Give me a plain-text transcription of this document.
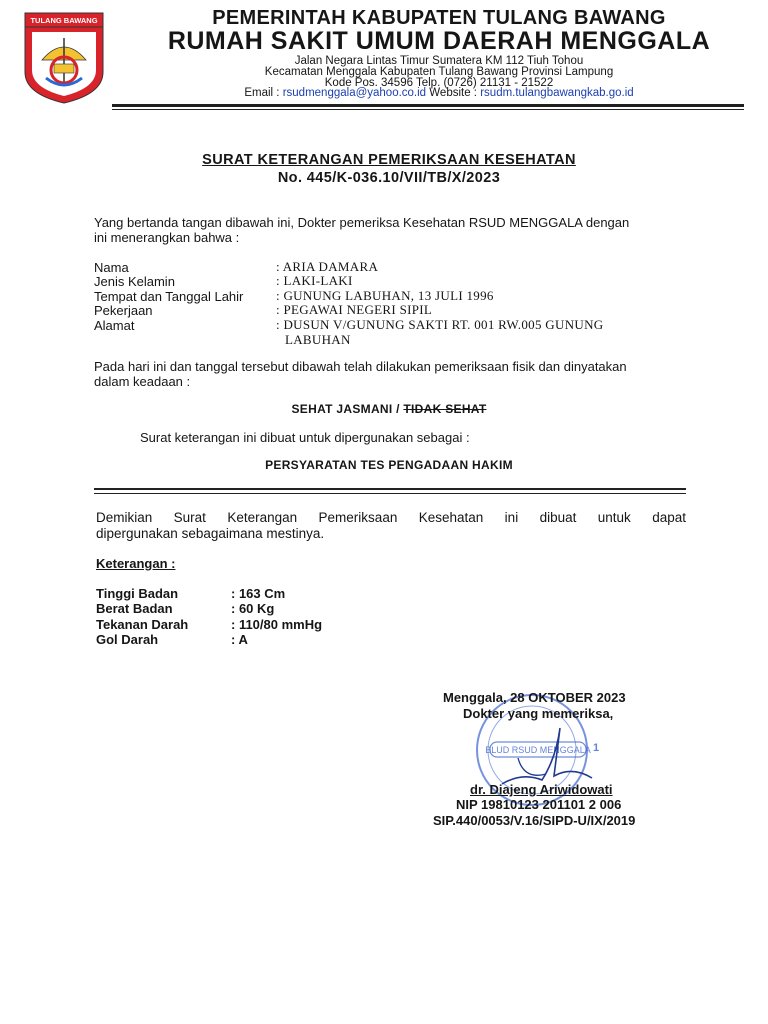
TULANG BAWANG	PEMERINTAH KABUPATEN TULANG BAWANG
RUMAH SAKIT UMUM DAERAH MENGGALA
Jalan Negara Lintas Timur Sumatera KM 112 Tiuh Tohou
Kecamatan Menggala Kabupaten Tulang Bawang Provinsi Lampung
Kode Pos. 34596 Telp. (0726) 21131 - 21522
Email : rsudmenggala@yahoo.co.id Website : rsudm.tulangbawangkab.go.id
SURAT KETERANGAN PEMERIKSAAN KESEHATAN
No. 445/K-036.10/VII/TB/X/2023
Yang bertanda tangan dibawah ini, Dokter pemeriksa Kesehatan RSUD MENGGALA dengan
ini menerangkan bahwa :
Nama	: ARIA DAMARA
Jenis Kelamin	: LAKI-LAKI
Tempat dan Tanggal Lahir	: GUNUNG LABUHAN, 13 JULI 1996
Pekerjaan	: PEGAWAI NEGERI SIPIL
Alamat	: DUSUN V/GUNUNG SAKTI RT. 001 RW.005 GUNUNG
LABUHAN
Pada hari ini dan tanggal tersebut dibawah telah dilakukan pemeriksaan fisik dan dinyatakan
dalam keadaan :
SEHAT JASMANI / TIDAK SEHAT
Surat keterangan ini dibuat untuk dipergunakan sebagai :
PERSYARATAN TES PENGADAAN HAKIM
Demikian Surat Keterangan Pemeriksaan Kesehatan ini dibuat untuk dapat
dipergunakan sebagaimana mestinya.
Keterangan :
Tinggi Badan	: 163 Cm
Berat Badan	: 60 Kg
Tekanan Darah	: 110/80 mmHg
Gol Darah	: A
BLUD RSUD MENGGALA 1
Menggala, 28 OKTOBER 2023
Dokter yang memeriksa,
dr. Diajeng Ariwidowati
NIP 19810123 201101 2 006
SIP.440/0053/V.16/SIPD-U/IX/2019
